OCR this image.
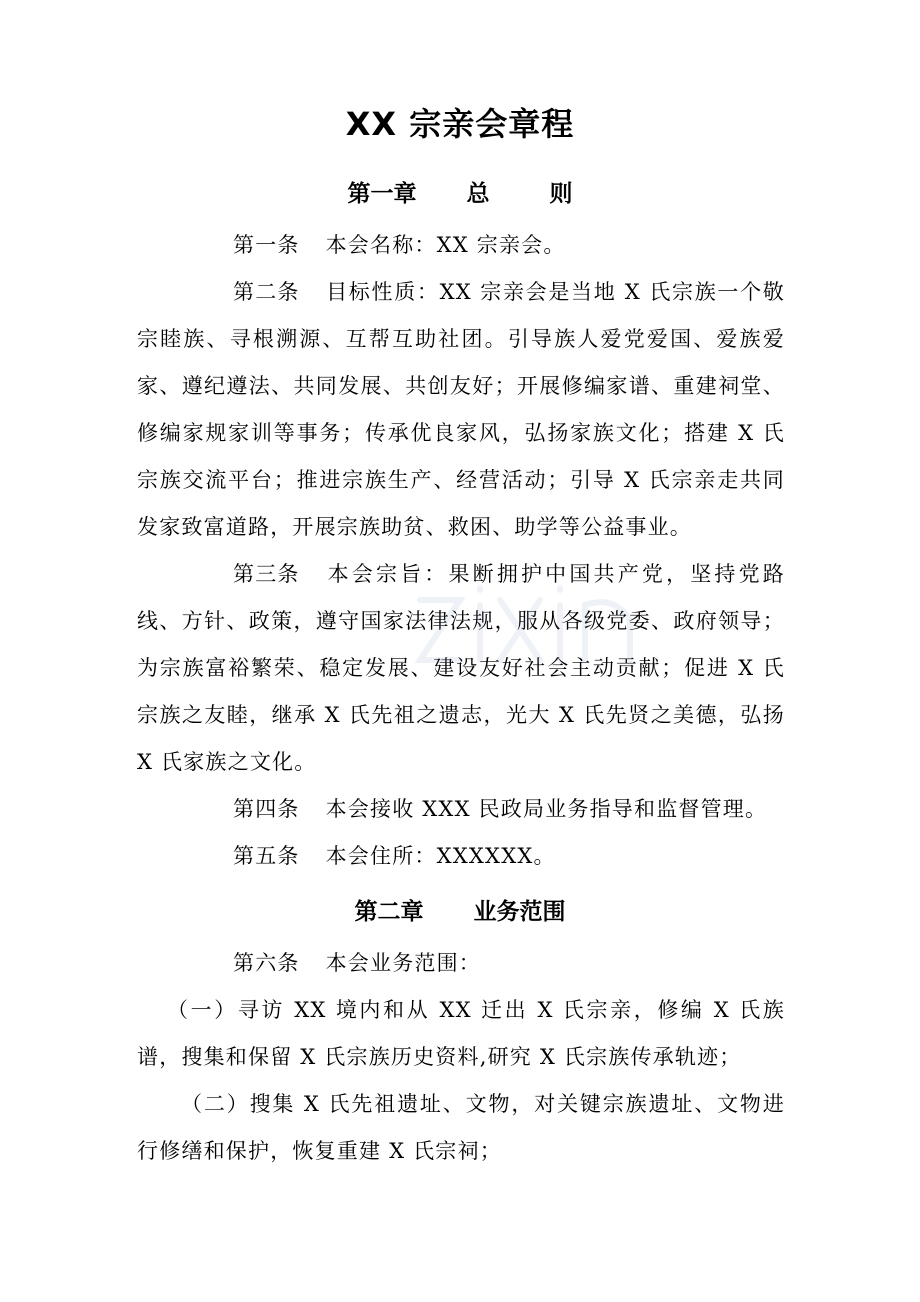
XX 宗亲会章程
第一章 总 则

第一条 本会名称：XX 宗亲会。

第二条 目标性质：XX 宗亲会是当地 X 氏宗族一个敬宗睦族、寻根溯源、互帮互助社团。引导族人爱党爱国、爱族爱家、遵纪遵法、共同发展、共创友好；开展修编家谱、重建祠堂、修编家规家训等事务；传承优良家风，弘扬家族文化；搭建 X 氏宗族交流平台；推进宗族生产、经营活动；引导 X 氏宗亲走共同发家致富道路，开展宗族助贫、救困、助学等公益事业。

第三条 本会宗旨：果断拥护中国共产党，坚持党路线、方针、政策，遵守国家法律法规，服从各级党委、政府领导；为宗族富裕繁荣、稳定发展、建设友好社会主动贡献；促进 X 氏宗族之友睦，继承 X 氏先祖之遗志，光大 X 氏先贤之美德，弘扬 X 氏家族之文化。

第四条 本会接收 XXX 民政局业务指导和监督管理。

第五条 本会住所：XXXXXX。

第二章 业务范围

第六条 本会业务范围：

（一）寻访 XX 境内和从 XX 迁出 X 氏宗亲，修编 X 氏族谱，搜集和保留 X 氏宗族历史资料,研究 X 氏宗族传承轨迹；

（二）搜集 X 氏先祖遗址、文物，对关键宗族遗址、文物进行修缮和保护，恢复重建 X 氏宗祠；
